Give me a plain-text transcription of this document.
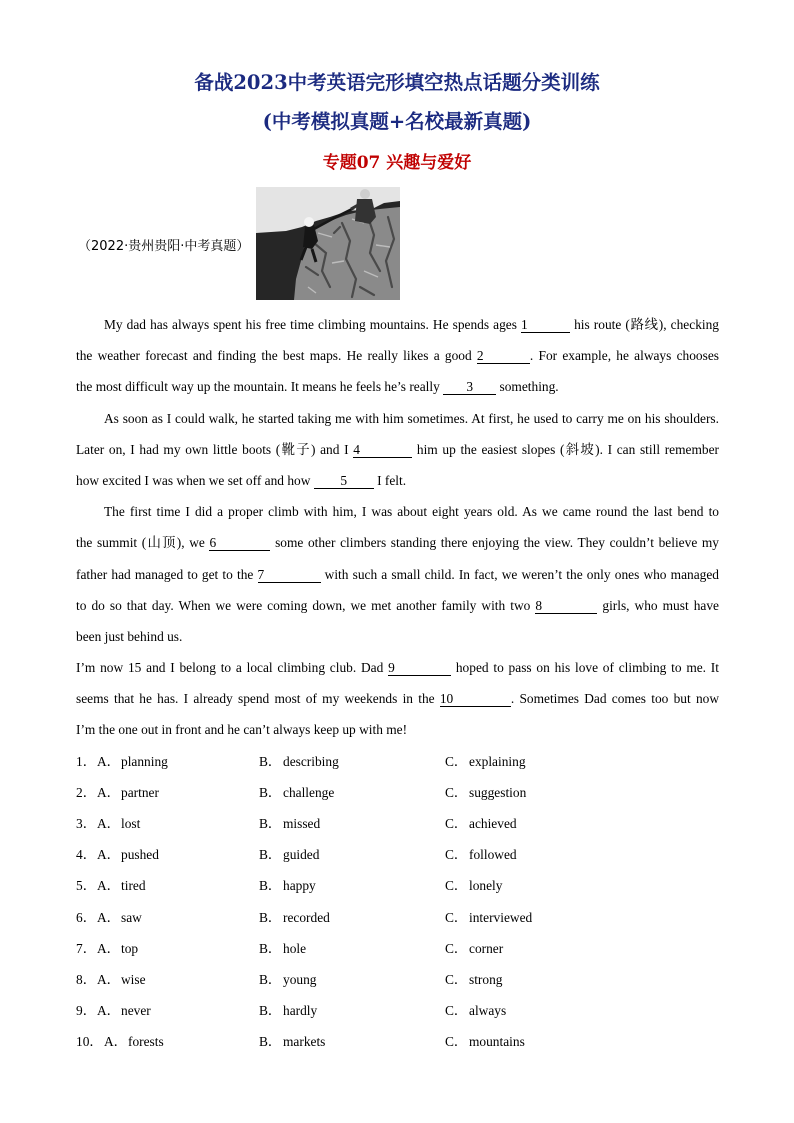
备战2023中考英语完形填空热点话题分类训练
(中考模拟真题+名校最新真题)
专题07 兴趣与爱好
（2022·贵州贵阳·中考真题）
My dad has always spent his free time climbing mountains. He spends ages 1	his route (路线), checking
the weather forecast and finding the best maps. He really likes a good 2	. For example, he always chooses
the most difficult way up the mountain. It means he feels he’s really 3 something.
As soon as I could walk, he started taking me with him sometimes. At first, he used to carry me on his shoulders.
Later on, I had my own little boots (靴子) and I 4	him up the easiest slopes (斜坡). I can still remember
how excited I was when we set off and how 5 I felt.
The first time I did a proper climb with him, I was about eight years old. As we came round the last bend to
the summit (山顶), we 6	some other climbers standing there enjoying the view. They couldn’t believe my
father had managed to get to the 7	with such a small child. In fact, we weren’t the only ones who managed
to do so that day. When we were coming down, we met another family with two 8	girls, who must have
been just behind us.
I’m now 15 and I belong to a local climbing club. Dad 9	hoped to pass on his love of climbing to me. It
seems that he has. I already spend most of my weekends in the 10	. Sometimes Dad comes too but now
I’m the one out in front and he can’t always keep up with me!
1．A．planning	B． describing	C． explaining
2．A．partner	B． challenge	C． suggestion
3．A．lost	B． missed	C． achieved
4．A．pushed	B． guided	C． followed
5．A．tired	B． happy	C． lonely
6．A．saw	B． recorded	C． interviewed
7．A．top	B． hole	C． corner
8．A．wise	B． young	C． strong
9．A．never	B． hardly	C． always
10．A．forests	B． markets	C． mountains
